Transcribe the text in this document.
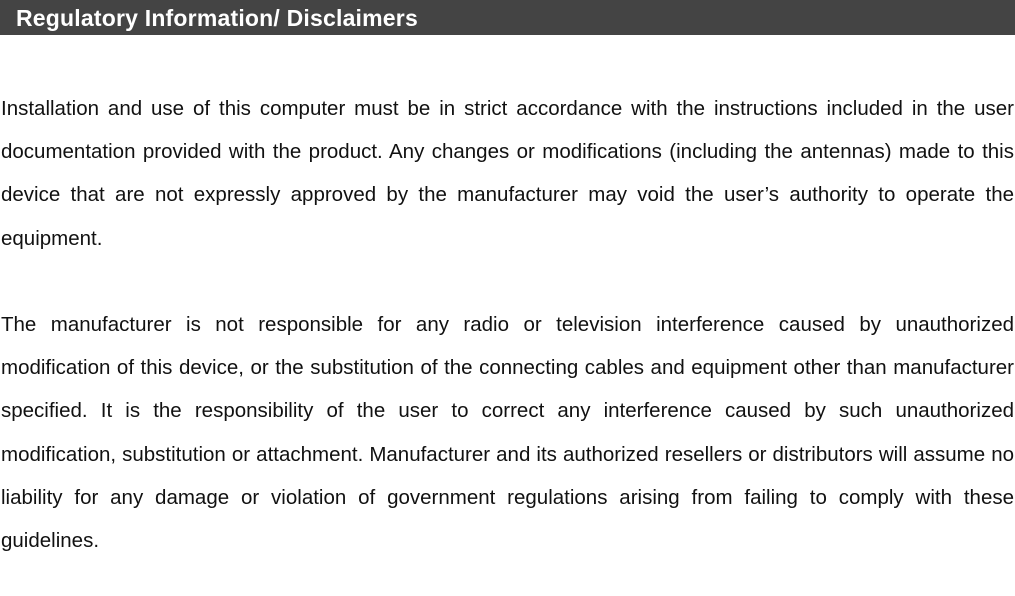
Regulatory Information/ Disclaimers

Installation and use of this computer must be in strict accordance with the instructions included in the user documentation provided with the product. Any changes or modifications (including the antennas) made to this device that are not expressly approved by the manufacturer may void the user’s authority to operate the equipment.

The manufacturer is not responsible for any radio or television interference caused by unauthorized modification of this device, or the substitution of the connecting cables and equipment other than manufacturer specified. It is the responsibility of the user to correct any interference caused by such unauthorized modification, substitution or attachment. Manufacturer and its authorized resellers or distributors will assume no liability for any damage or violation of government regulations arising from failing to comply with these guidelines.
